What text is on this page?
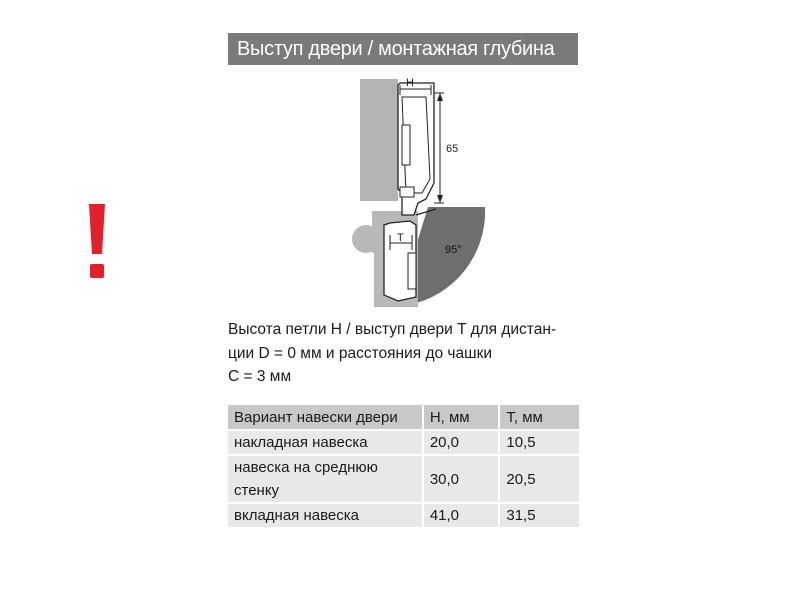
Выступ двери / монтажная глубина
H
65
T
95°
Высота петли H / выступ двери T для дистан-
ции D = 0 мм и расстояния до чашки
C = 3 мм
Вариант навески двери	H, мм	T, мм
накладная навеска	20,0	10,5

навеска на среднюю
стенку	30,0	20,5
вкладная навеска	41,0	31,5
